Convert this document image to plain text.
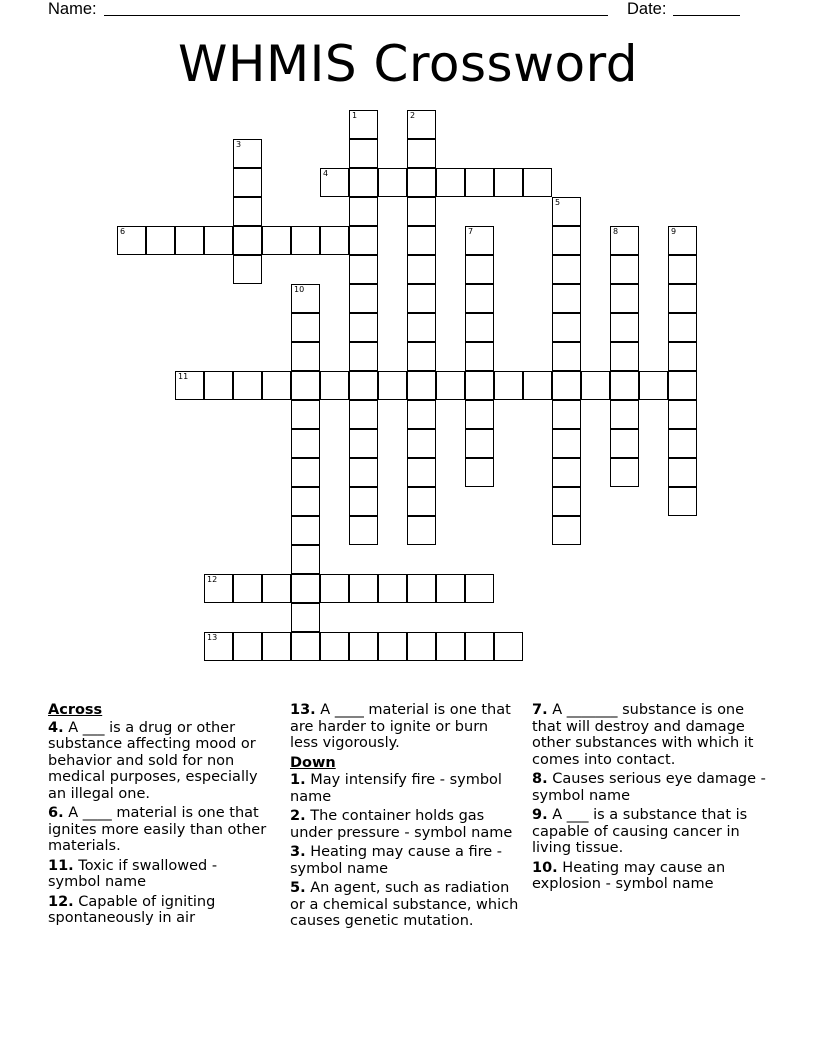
Name:	Date:
WHMIS Crossword
1	2
3
4
5
6	7	8	9
10
11
12
13
Across
4. A ___ is a drug or other substance affecting mood or behavior and sold for non medical purposes, especially an illegal one.
6. A ____ material is one that ignites more easily than other materials.
11. Toxic if swallowed - symbol name
12. Capable of igniting spontaneously in air
13. A ____ material is one that are harder to ignite or burn less vigorously.
Down
1. May intensify fire - symbol name
2. The container holds gas under pressure - symbol name
3. Heating may cause a fire - symbol name
5. An agent, such as radiation or a chemical substance, which causes genetic mutation.
7. A _______ substance is one that will destroy and damage other substances with which it comes into contact.
8. Causes serious eye damage - symbol name
9. A ___ is a substance that is capable of causing cancer in living tissue.
10. Heating may cause an explosion - symbol name
